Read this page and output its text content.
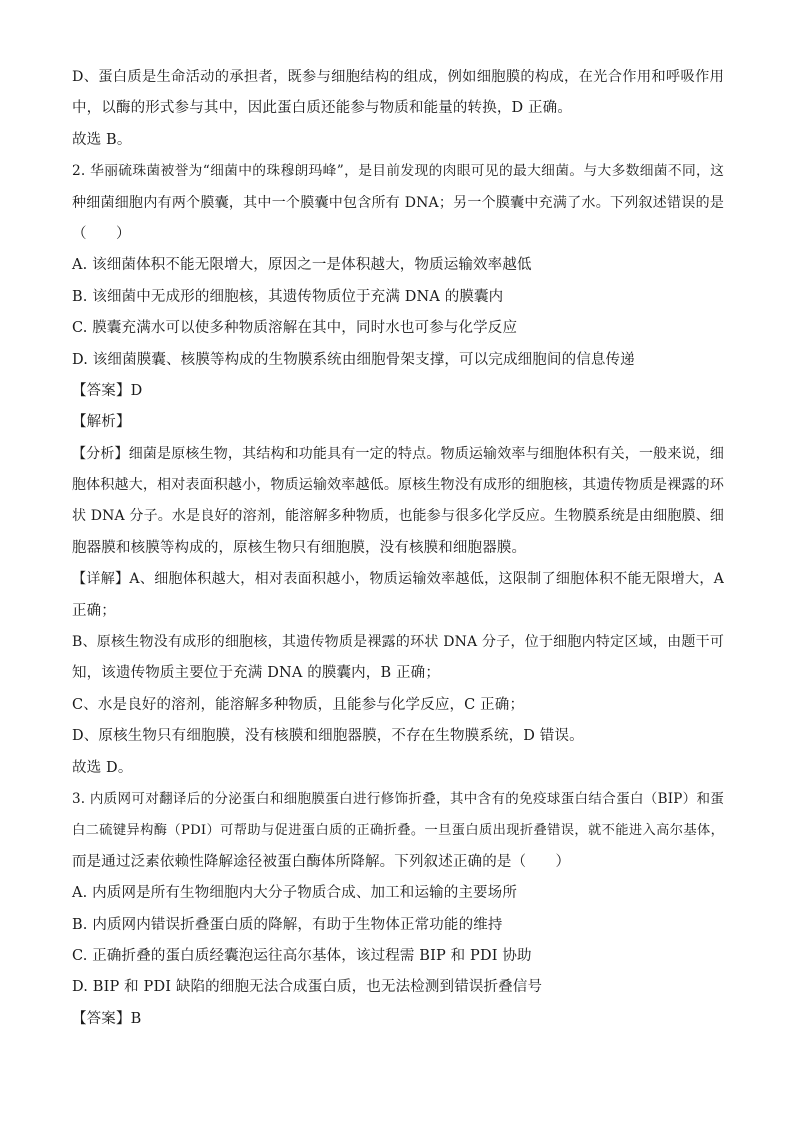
D、蛋白质是生命活动的承担者，既参与细胞结构的组成，例如细胞膜的构成，在光合作用和呼吸作用
中，以酶的形式参与其中，因此蛋白质还能参与物质和能量的转换，D 正确。
故选 B。
2. 华丽硫珠菌被誉为“细菌中的珠穆朗玛峰”，是目前发现的肉眼可见的最大细菌。与大多数细菌不同，这
种细菌细胞内有两个膜囊，其中一个膜囊中包含所有 DNA；另一个膜囊中充满了水。下列叙述错误的是
（　　）
A. 该细菌体积不能无限增大，原因之一是体积越大，物质运输效率越低
B. 该细菌中无成形的细胞核，其遗传物质位于充满 DNA 的膜囊内
C. 膜囊充满水可以使多种物质溶解在其中，同时水也可参与化学反应
D. 该细菌膜囊、核膜等构成的生物膜系统由细胞骨架支撑，可以完成细胞间的信息传递
【答案】D
【解析】
【分析】细菌是原核生物，其结构和功能具有一定的特点。物质运输效率与细胞体积有关，一般来说，细
胞体积越大，相对表面积越小，物质运输效率越低。原核生物没有成形的细胞核，其遗传物质是裸露的环
状 DNA 分子。水是良好的溶剂，能溶解多种物质，也能参与很多化学反应。生物膜系统是由细胞膜、细
胞器膜和核膜等构成的，原核生物只有细胞膜，没有核膜和细胞器膜。
【详解】A、细胞体积越大，相对表面积越小，物质运输效率越低，这限制了细胞体积不能无限增大，A
正确；
B、原核生物没有成形的细胞核，其遗传物质是裸露的环状 DNA 分子，位于细胞内特定区域，由题干可
知，该遗传物质主要位于充满 DNA 的膜囊内，B 正确；
C、水是良好的溶剂，能溶解多种物质，且能参与化学反应，C 正确；
D、原核生物只有细胞膜，没有核膜和细胞器膜，不存在生物膜系统，D 错误。
故选 D。
3. 内质网可对翻译后的分泌蛋白和细胞膜蛋白进行修饰折叠，其中含有的免疫球蛋白结合蛋白（BIP）和蛋
白二硫键异构酶（PDI）可帮助与促进蛋白质的正确折叠。一旦蛋白质出现折叠错误，就不能进入高尔基体，
而是通过泛素依赖性降解途径被蛋白酶体所降解。下列叙述正确的是（　　）
A. 内质网是所有生物细胞内大分子物质合成、加工和运输的主要场所
B. 内质网内错误折叠蛋白质的降解，有助于生物体正常功能的维持
C. 正确折叠的蛋白质经囊泡运往高尔基体，该过程需 BIP 和 PDI 协助
D. BIP 和 PDI 缺陷的细胞无法合成蛋白质，也无法检测到错误折叠信号
【答案】B
